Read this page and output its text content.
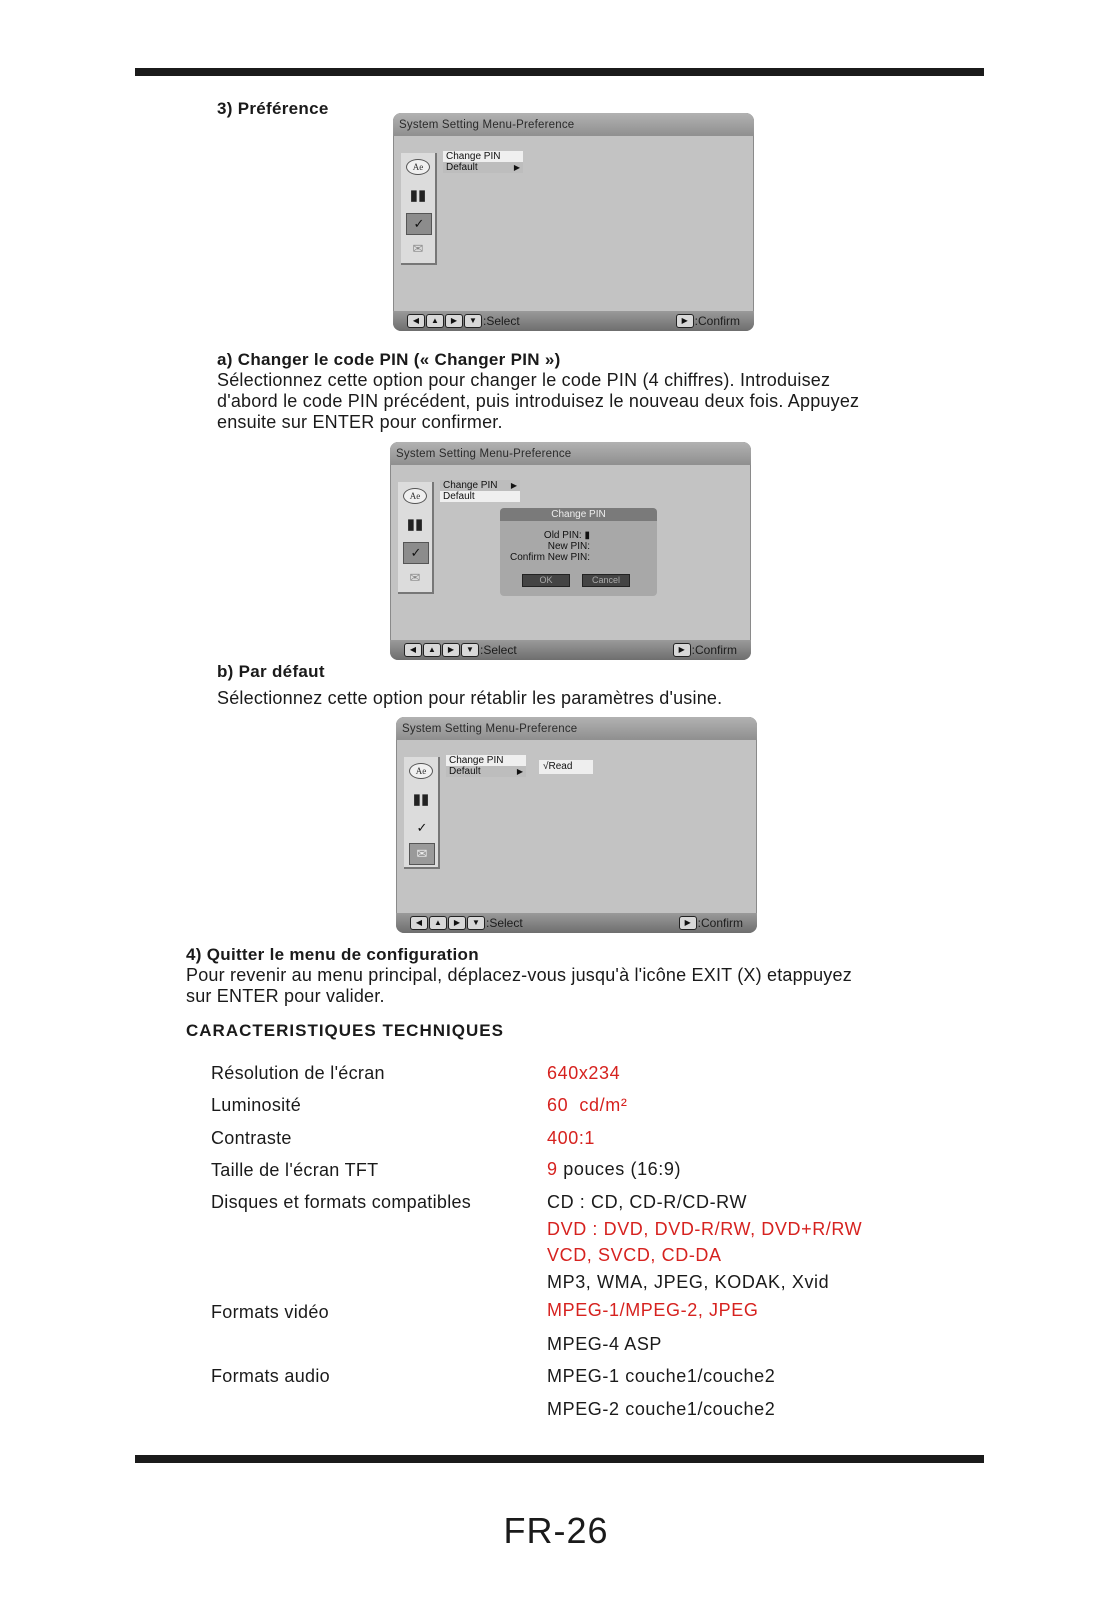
3) Préférence
System Setting Menu-Preference
Ae
▮▮
✓
✉
Change PIN
Default	▶
◀	▲	▶	▼ :Select	▶ :Confirm
a) Changer le code PIN (« Changer PIN »)

Sélectionnez cette option pour changer le code PIN (4 chiffres). Introduisez

d'abord le code PIN précédent, puis introduisez le nouveau deux fois. Appuyez

ensuite sur ENTER pour confirmer.

System Setting Menu-Preference
Ae
▮▮
✓
✉
Change PIN ▶
Default
Change PIN
Old PIN: ▮
New PIN:
Confirm New PIN:
OK	Cancel
◀	▲	▶	▼ :Select	▶ :Confirm
b) Par défaut

Sélectionnez cette option pour rétablir les paramètres d'usine.

System Setting Menu-Preference
Ae
▮▮
✓
✉
Change PIN
Default	▶	√Read
◀	▲	▶	▼ :Select	▶ :Confirm
4) Quitter le menu de configuration

Pour revenir au menu principal, déplacez-vous jusqu'à l'icône EXIT (X) etappuyez

sur ENTER pour valider.

CARACTERISTIQUES TECHNIQUES
Résolution de l'écran	640x234
Luminosité	60  cd/m²
Contraste	400:1
Taille de l'écran TFT	9 pouces (16:9)
Disques et formats compatibles	CD : CD, CD-R/CD-RW
DVD : DVD, DVD-R/RW, DVD+R/RW
VCD, SVCD, CD-DA
MP3, WMA, JPEG, KODAK, Xvid
Formats vidéo	MPEG-1/MPEG-2, JPEG
MPEG-4 ASP
Formats audio	MPEG-1 couche1/couche2
MPEG-2 couche1/couche2
FR-26
